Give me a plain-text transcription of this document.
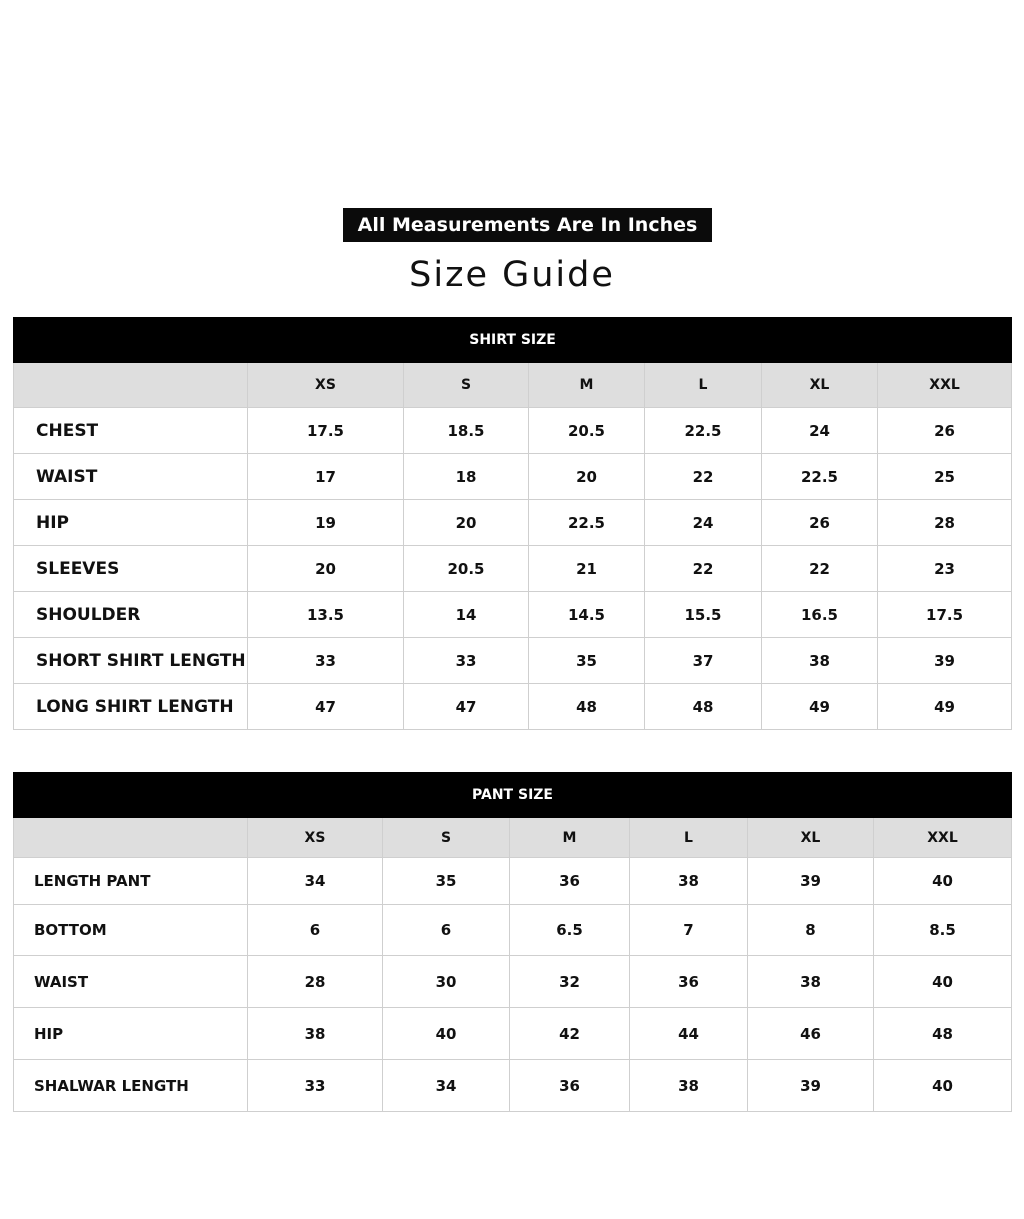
All Measurements Are In Inches
Size Guide
SHIRT SIZE						
	XS	S	M	L	XL	XXL
CHEST	17.5	18.5	20.5	22.5	24	26
WAIST	17	18	20	22	22.5	25
HIP	19	20	22.5	24	26	28
SLEEVES	20	20.5	21	22	22	23
SHOULDER	13.5	14	14.5	15.5	16.5	17.5
SHORT SHIRT LENGTH	33	33	35	37	38	39
LONG SHIRT LENGTH	47	47	48	48	49	49
PANT SIZE						
	XS	S	M	L	XL	XXL
LENGTH PANT	34	35	36	38	39	40
BOTTOM	6	6	6.5	7	8	8.5
WAIST	28	30	32	36	38	40
HIP	38	40	42	44	46	48
SHALWAR LENGTH	33	34	36	38	39	40
